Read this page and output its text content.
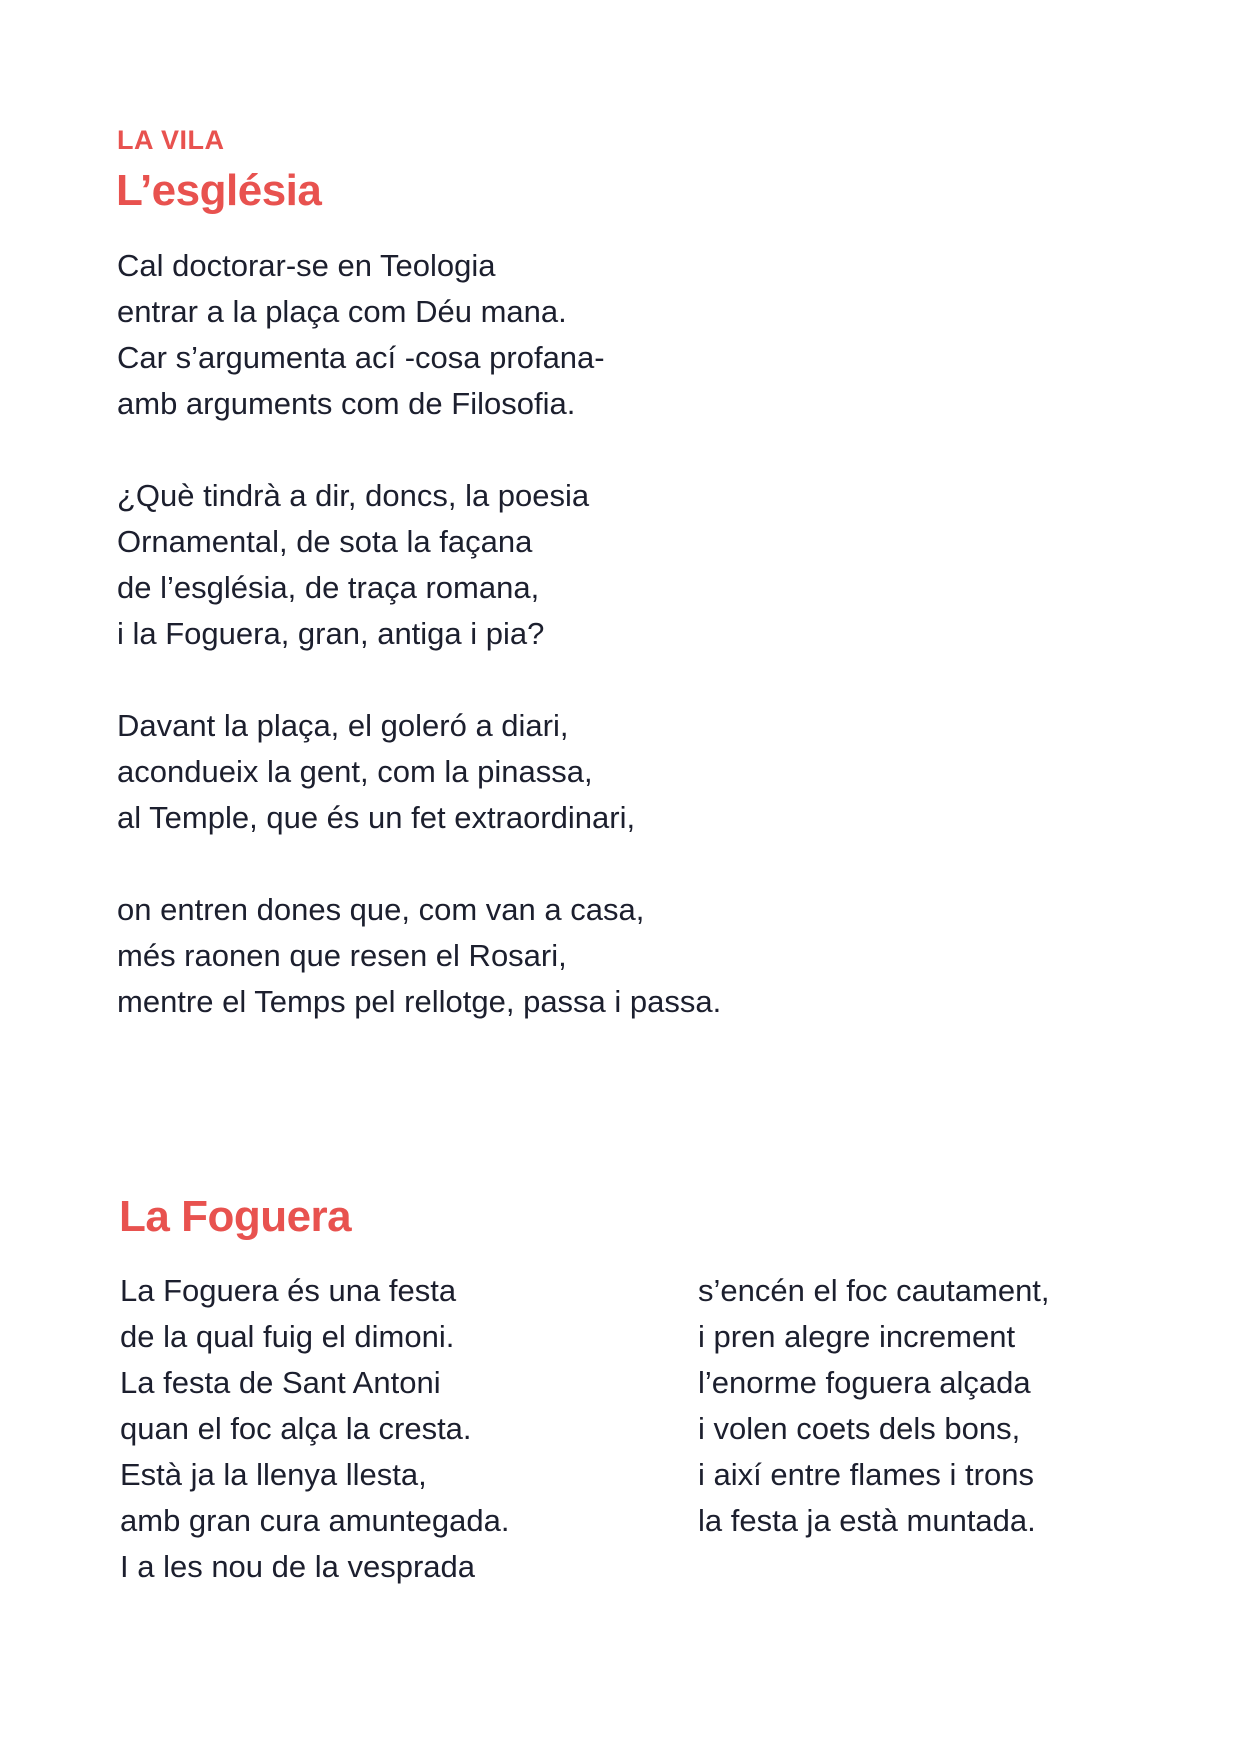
LA VILA
L’església
Cal doctorar-se en Teologia
entrar a la plaça com Déu mana.
Car s’argumenta ací -cosa profana-
amb arguments com de Filosofia.
¿Què tindrà a dir, doncs, la poesia
Ornamental, de sota la façana
de l’església, de traça romana,
i la Foguera, gran, antiga i pia?
Davant la plaça, el goleró a diari,
acondueix la gent, com la pinassa,
al Temple, que és un fet extraordinari,
on entren dones que, com van a casa,
més raonen que resen el Rosari,
mentre el Temps pel rellotge, passa i passa.
La Foguera
La Foguera és una festa
de la qual fuig el dimoni.
La festa de Sant Antoni
quan el foc alça la cresta.
Està ja la llenya llesta,
amb gran cura amuntegada.
I a les nou de la vesprada
s’encén el foc cautament,
i pren alegre increment
l’enorme foguera alçada
i volen coets dels bons,
i així entre flames i trons
la festa ja està muntada.
